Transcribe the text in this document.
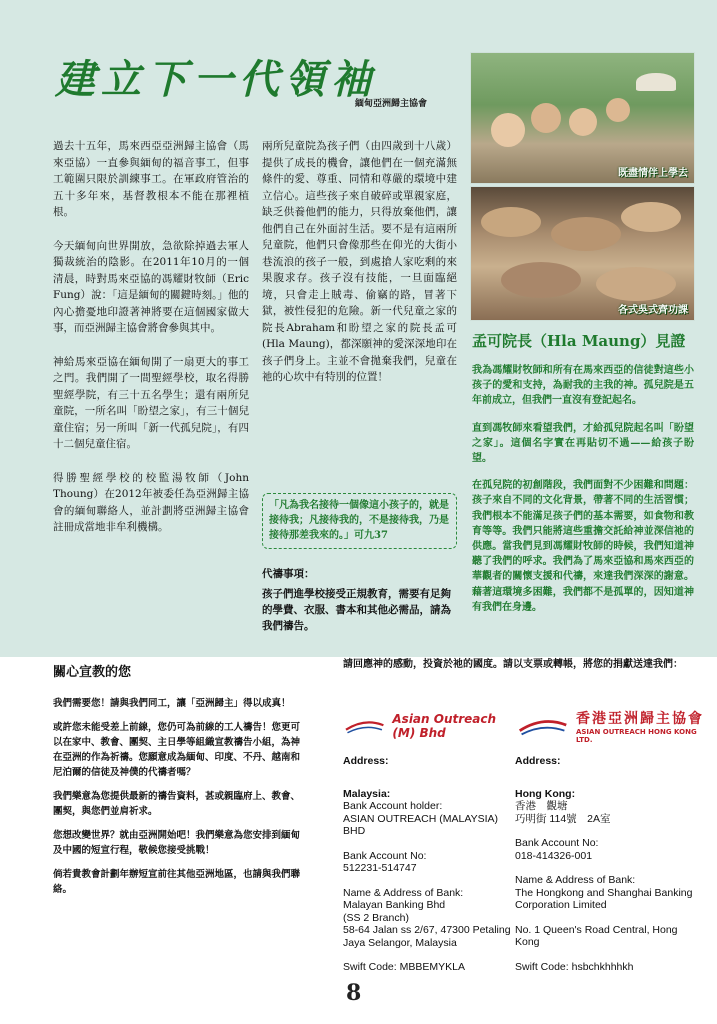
建立下一代領袖
緬甸亞洲歸主協會

過去十五年，馬來西亞亞洲歸主協會（馬來亞協）一直參與緬甸的福音事工，但事工範圍只限於訓練事工。在軍政府管治的五十多年來，基督教根本不能在那裡植根。

今天緬甸向世界開放，急欲除掉過去軍人獨裁統治的陰影。在2011年10月的一個清晨，時對馬來亞協的馮耀財牧師（Eric Fung）說：「這是緬甸的關鍵時刻。」他的內心擔憂地印證著神將要在這個國家做大事，而亞洲歸主協會將會參與其中。

神給馬來亞協在緬甸開了一扇更大的事工之門。我們開了一間聖經學校，取名得勝聖經學院，有三十五名學生；還有兩所兒童院，一所名叫「盼望之家」，有三十個兒童住宿；另一所叫「新一代孤兒院」，有四十二個兒童住宿。

得勝聖經學校的校監湯牧師（John Thoung）在2012年被委任為亞洲歸主協會的緬甸聯絡人，並計劃將亞洲歸主協會註冊成當地非牟利機構。

兩所兒童院為孩子們（由四歲到十八歲）提供了成長的機會，讓他們在一個充滿無條件的愛、尊重、同情和尊嚴的環境中建立信心。這些孩子來自破碎或單親家庭，缺乏供養他們的能力，只得放棄他們，讓他們自己在外面討生活。要不是有這兩所兒童院，他們只會像那些在仰光的大街小巷流浪的孩子一般，到處搶人家吃剩的來果腹求存。孩子沒有技能，一旦面臨絕境，只會走上賊毒、偷竊的路，冒著下獄，被性侵犯的危險。新一代兒童之家的院長Abraham和盼望之家的院長孟可(Hla Maung)，都深願神的愛深深地印在孩子們身上。主並不會拋棄我們，兒童在祂的心坎中有特別的位置！

「凡為我名接待一個像這小孩子的，就是接待我；凡接待我的，不是接待我，乃是接待那差我來的。」可九37
代禱事項：
孩子們進學校接受正規教育，需要有足夠的學費、衣服、書本和其他必需品，請為我們禱告。
既盡情伴上學去
各式吳式齊功課
孟可院長（Hla Maung）見證

我為馮耀財牧師和所有在馬來西亞的信徒對這些小孩子的愛和支持，為耐我的主我的神。孤兒院是五年前成立，但我們一直沒有登記起名。

直到馮牧師來看望我們，才給孤兒院起名叫「盼望之家」。這個名字實在再貼切不過——給孩子盼望。

在孤兒院的初創階段，我們面對不少困難和問題：孩子來自不同的文化背景，帶著不同的生活習慣；我們根本不能滿足孩子們的基本需要，如食物和教育等等。我們只能將這些重擔交託給神並深信祂的供應。當我們見到馮耀財牧師的時候，我們知道神聽了我們的呼求。我們為了馬來亞協和馬來西亞的華觀者的關懷支援和代禱，來達我們深深的謝意。藉著這環境多困難，我們都不是孤單的，因知道神有我們在身邊。

關心宣教的您

我們需要您！請與我們同工，讓「亞洲歸主」得以成真！

或許您未能受差上前線，您仍可為前線的工人禱告！您更可以在家中、教會、團契、主日學等組織宣教禱告小組，為神在亞洲的作為祈禱。您願意成為緬甸、印度、不丹、越南和尼泊爾的信徒及神僕的代禱者嗎？

我們樂意為您提供最新的禱告資料，甚或親臨府上、教會、團契，與您們並肩祈求。

您想改變世界？就由亞洲開始吧！我們樂意為您安排到緬甸及中國的短宣行程，敬候您接受挑戰！

倘若貴教會計劃年辦短宣前往其他亞洲地區，也請與我們聯絡。

請回應神的感動，投資於祂的國度。請以支票或轉帳，將您的捐獻送達我們：
Asian Outreach (M) Bhd
香港亞洲歸主協會
ASIAN OUTREACH HONG KONG LTD.
Address:
Malaysia:
Bank Account holder:
ASIAN OUTREACH (MALAYSIA) BHD
Bank Account No:
512231-514747
Name & Address of Bank:
Malayan Banking Bhd
(SS 2 Branch)
58-64 Jalan ss 2/67, 47300 Petaling Jaya Selangor, Malaysia
Swift Code: MBBEMYKLA
Address:
Hong Kong:
香港　觀塘
巧明街 114號　2A室
Bank Account No:
018-414326-001
Name & Address of Bank:
The Hongkong and Shanghai Banking Corporation Limited
No. 1 Queen's Road Central, Hong Kong
Swift Code: hsbchkhhhkh
8
